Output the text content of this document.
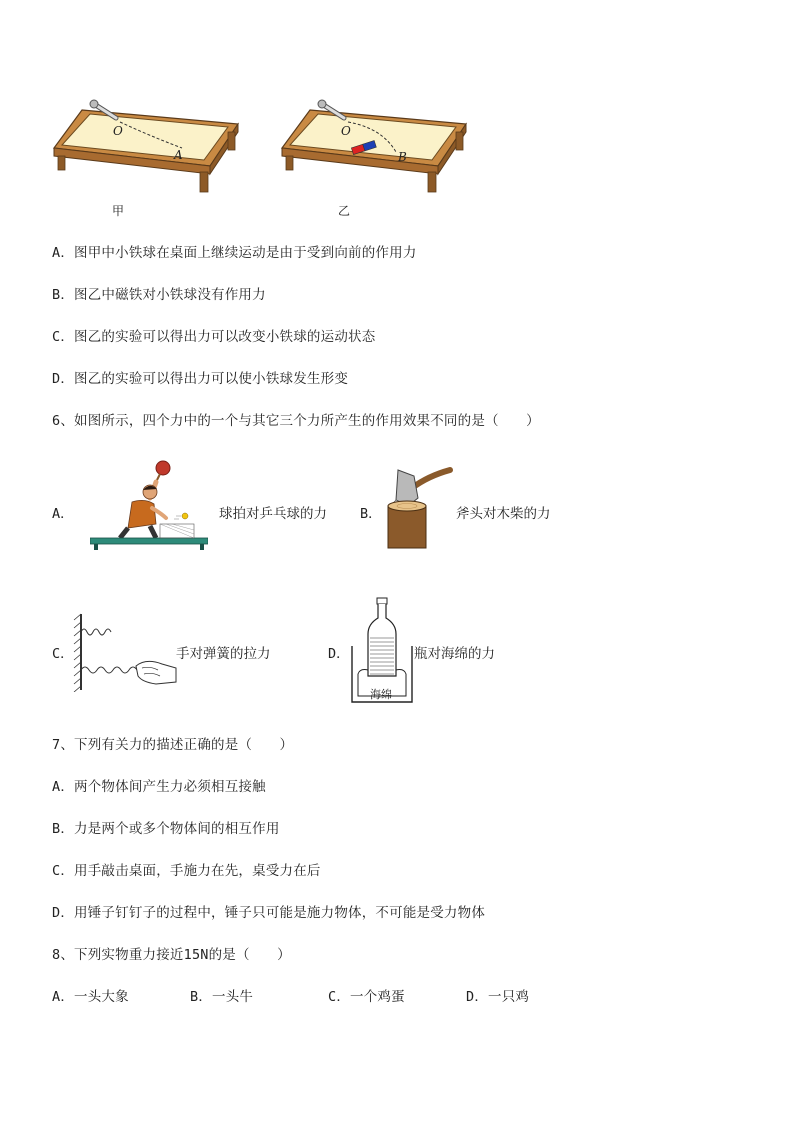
O
A
甲
O
B
乙
A．图甲中小铁球在桌面上继续运动是由于受到向前的作用力
B．图乙中磁铁对小铁球没有作用力
C．图乙的实验可以得出力可以改变小铁球的运动状态
D．图乙的实验可以得出力可以使小铁球发生形变
6、如图所示，四个力中的一个与其它三个力所产生的作用效果不同的是（　　）
A．	球拍对乒乓球的力 B．	斧头对木柴的力
C．	手对弹簧的拉力	D．
海绵
瓶对海绵的力
7、下列有关力的描述正确的是（　　）
A．两个物体间产生力必须相互接触
B．力是两个或多个物体间的相互作用
C．用手敲击桌面，手施力在先，桌受力在后
D．用锤子钉钉子的过程中，锤子只可能是施力物体，不可能是受力物体
8、下列实物重力接近15N的是（　　）
A．一头大象	B．一头牛	C．一个鸡蛋	D．一只鸡
